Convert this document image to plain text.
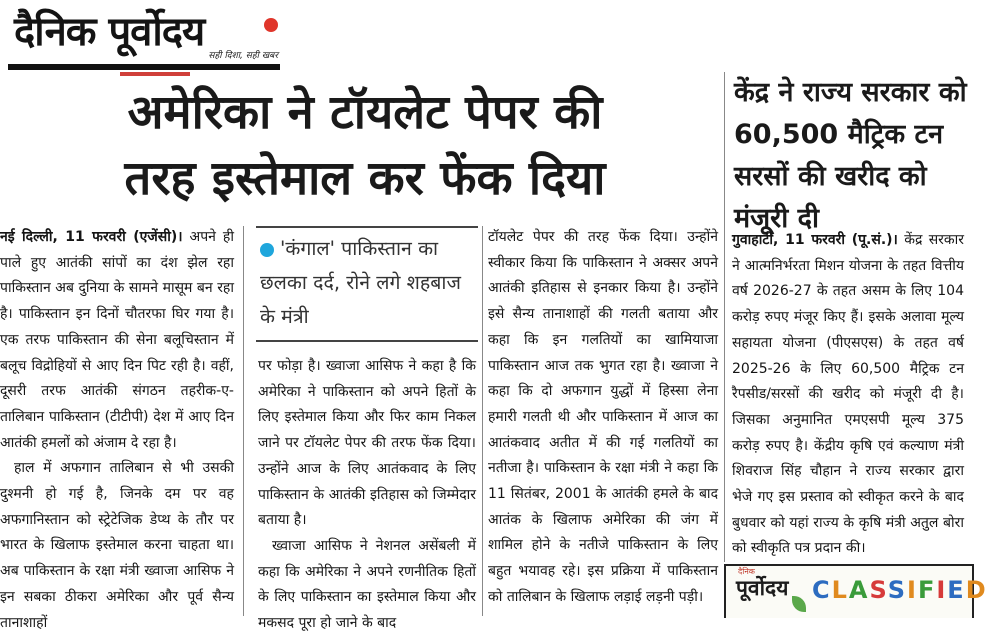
दैनिक पूर्वोदय
सही दिशा, सही खबर
अमेरिका ने टॉयलेट पेपर की
तरह इस्तेमाल कर फेंक दिया

नई दिल्ली, 11 फरवरी (एजेंसी)। अपने ही पाले हुए आतंकी सांपों का दंश झेल रहा पाकिस्तान अब दुनिया के सामने मासूम बन रहा है। पाकिस्तान इन दिनों चौतरफा घिर गया है। एक तरफ पाकिस्तान की सेना बलूचिस्तान में बलूच विद्रोहियों से आए दिन पिट रही है। वहीं, दूसरी तरफ आतंकी संगठन तहरीक-ए-तालिबान पाकिस्तान (टीटीपी) देश में आए दिन आतंकी हमलों को अंजाम दे रहा है।

हाल में अफगान तालिबान से भी उसकी दुश्मनी हो गई है, जिनके दम पर वह अफगानिस्तान को स्ट्रेटेजिक डेप्थ के तौर पर भारत के खिलाफ इस्तेमाल करना चाहता था। अब पाकिस्तान के रक्षा मंत्री ख्वाजा आसिफ ने इन सबका ठीकरा अमेरिका और पूर्व सैन्य तानाशाहों

'कंगाल' पाकिस्तान का छलका दर्द, रोने लगे शहबाज के मंत्री

पर फोड़ा है। ख्वाजा आसिफ ने कहा है कि अमेरिका ने पाकिस्तान को अपने हितों के लिए इस्तेमाल किया और फिर काम निकल जाने पर टॉयलेट पेपर की तरफ फेंक दिया। उन्होंने आज के लिए आतंकवाद के लिए पाकिस्तान के आतंकी इतिहास को जिम्मेदार बताया है।

ख्वाजा आसिफ ने नेशनल असेंबली में कहा कि अमेरिका ने अपने रणनीतिक हितों के लिए पाकिस्तान का इस्तेमाल किया और मकसद पूरा हो जाने के बाद

टॉयलेट पेपर की तरह फेंक दिया। उन्होंने स्वीकार किया कि पाकिस्तान ने अक्सर अपने आतंकी इतिहास से इनकार किया है। उन्होंने इसे सैन्य तानाशाहों की गलती बताया और कहा कि इन गलतियों का खामियाजा पाकिस्तान आज तक भुगत रहा है। ख्वाजा ने कहा कि दो अफगान युद्धों में हिस्सा लेना हमारी गलती थी और पाकिस्तान में आज का आतंकवाद अतीत में की गई गलतियों का नतीजा है। पाकिस्तान के रक्षा मंत्री ने कहा कि 11 सितंबर, 2001 के आतंकी हमले के बाद आतंक के खिलाफ अमेरिका की जंग में शामिल होने के नतीजे पाकिस्तान के लिए बहुत भयावह रहे। इस प्रक्रिया में पाकिस्तान को तालिबान के खिलाफ लड़ाई लड़नी पड़ी।

केंद्र ने राज्य सरकार को 60,500 मैट्रिक टन सरसों की खरीद को मंजूरी दी

गुवाहाटी, 11 फरवरी (पू.सं.)। केंद्र सरकार ने आत्मनिर्भरता मिशन योजना के तहत वित्तीय वर्ष 2026-27 के तहत असम के लिए 104 करोड़ रुपए मंजूर किए हैं। इसके अलावा मूल्य सहायता योजना (पीएसएस) के तहत वर्ष 2025-26 के लिए 60,500 मैट्रिक टन रैपसीड/सरसों की खरीद को मंजूरी दी है। जिसका अनुमानित एमएसपी मूल्य 375 करोड़ रुपए है। केंद्रीय कृषि एवं कल्याण मंत्री शिवराज सिंह चौहान ने राज्य सरकार द्वारा भेजे गए इस प्रस्ताव को स्वीकृत करने के बाद बुधवार को यहां राज्य के कृषि मंत्री अतुल बोरा को स्वीकृति पत्र प्रदान की।

दैनिक
पूर्वोदय CLASSIFIED
